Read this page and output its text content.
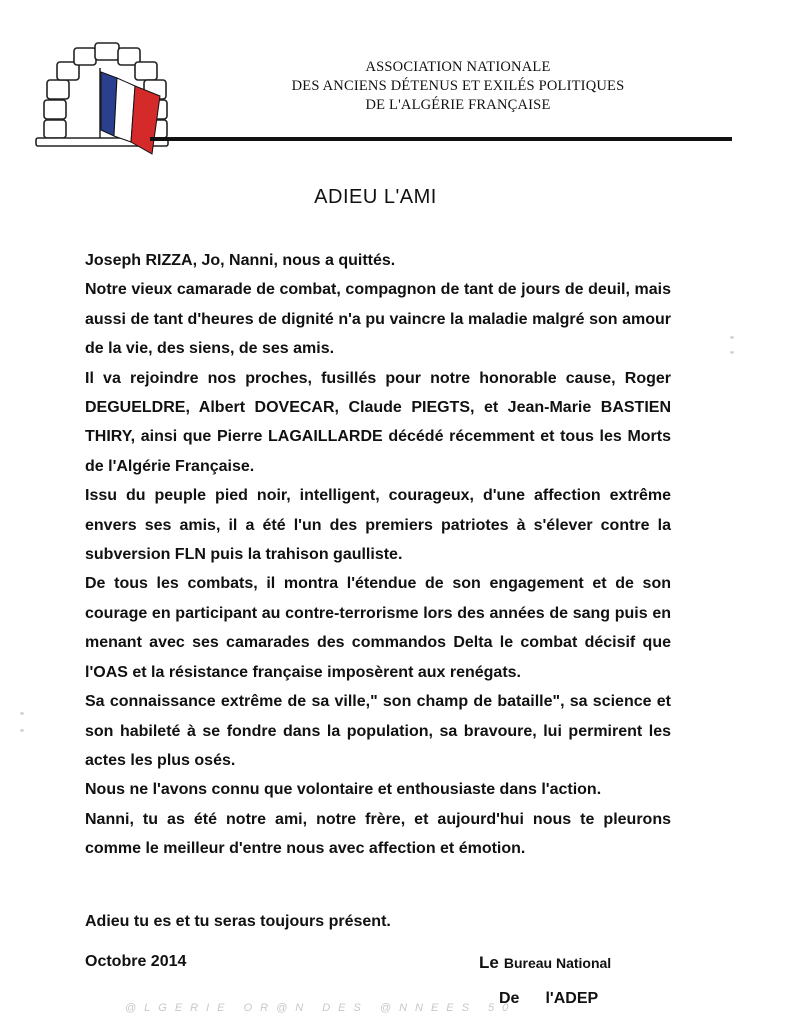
ASSOCIATION NATIONALE
DES ANCIENS DÉTENUS ET EXILÉS POLITIQUES
DE L'ALGÉRIE FRANÇAISE
ADIEU L'AMI

Joseph RIZZA, Jo, Nanni, nous a quittés.

Notre vieux camarade de combat, compagnon de tant de jours de deuil, mais aussi de tant d'heures de dignité n'a pu vaincre la maladie malgré son amour de la vie, des siens, de ses amis.

Il va rejoindre nos proches, fusillés pour notre honorable cause, Roger DEGUELDRE, Albert DOVECAR, Claude PIEGTS, et Jean-Marie BASTIEN THIRY, ainsi que Pierre LAGAILLARDE décédé récemment et tous les Morts de l'Algérie Française.

Issu du peuple pied noir, intelligent, courageux, d'une affection extrême envers ses amis, il a été l'un des premiers patriotes à s'élever contre la subversion FLN puis la trahison gaulliste.

De tous les combats, il montra l'étendue de son engagement et de son courage en participant au contre-terrorisme lors des années de sang puis en menant avec ses camarades des commandos Delta le combat décisif que l'OAS et la résistance française imposèrent aux renégats.

Sa connaissance extrême de sa ville," son champ de bataille", sa science et son habileté à se fondre dans la population, sa bravoure, lui permirent les actes les plus osés.

Nous ne l'avons connu que volontaire et enthousiaste dans l'action.

Nanni, tu as été notre ami, notre frère, et aujourd'hui nous te pleurons comme le meilleur d'entre nous avec affection et émotion.

Adieu tu es et tu seras toujours présent.
Octobre 2014	Le Bureau National
De l'ADEP
@LGERIE OR@N DES @NNEES 50
’’
’’
’’
’’
